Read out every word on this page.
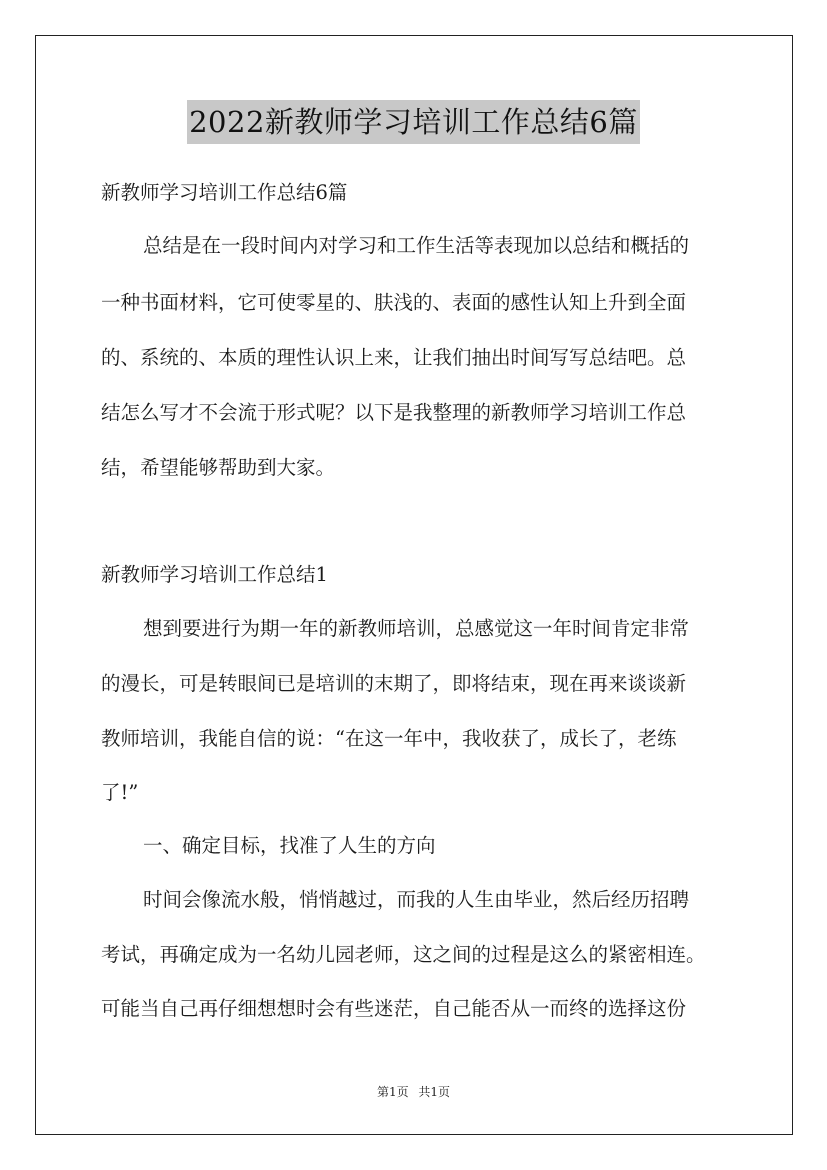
2022新教师学习培训工作总结6篇
新教师学习培训工作总结6篇
总结是在一段时间内对学习和工作生活等表现加以总结和概括的
一种书面材料，它可使零星的、肤浅的、表面的感性认知上升到全面
的、系统的、本质的理性认识上来，让我们抽出时间写写总结吧。总
结怎么写才不会流于形式呢？以下是我整理的新教师学习培训工作总
结，希望能够帮助到大家。
新教师学习培训工作总结1
想到要进行为期一年的新教师培训，总感觉这一年时间肯定非常
的漫长，可是转眼间已是培训的末期了，即将结束，现在再来谈谈新
教师培训，我能自信的说：“在这一年中，我收获了，成长了，老练
了!”
一、确定目标，找准了人生的方向
时间会像流水般，悄悄越过，而我的人生由毕业，然后经历招聘
考试，再确定成为一名幼儿园老师，这之间的过程是这么的紧密相连。
可能当自己再仔细想想时会有些迷茫，自己能否从一而终的选择这份
第1页 共1页
